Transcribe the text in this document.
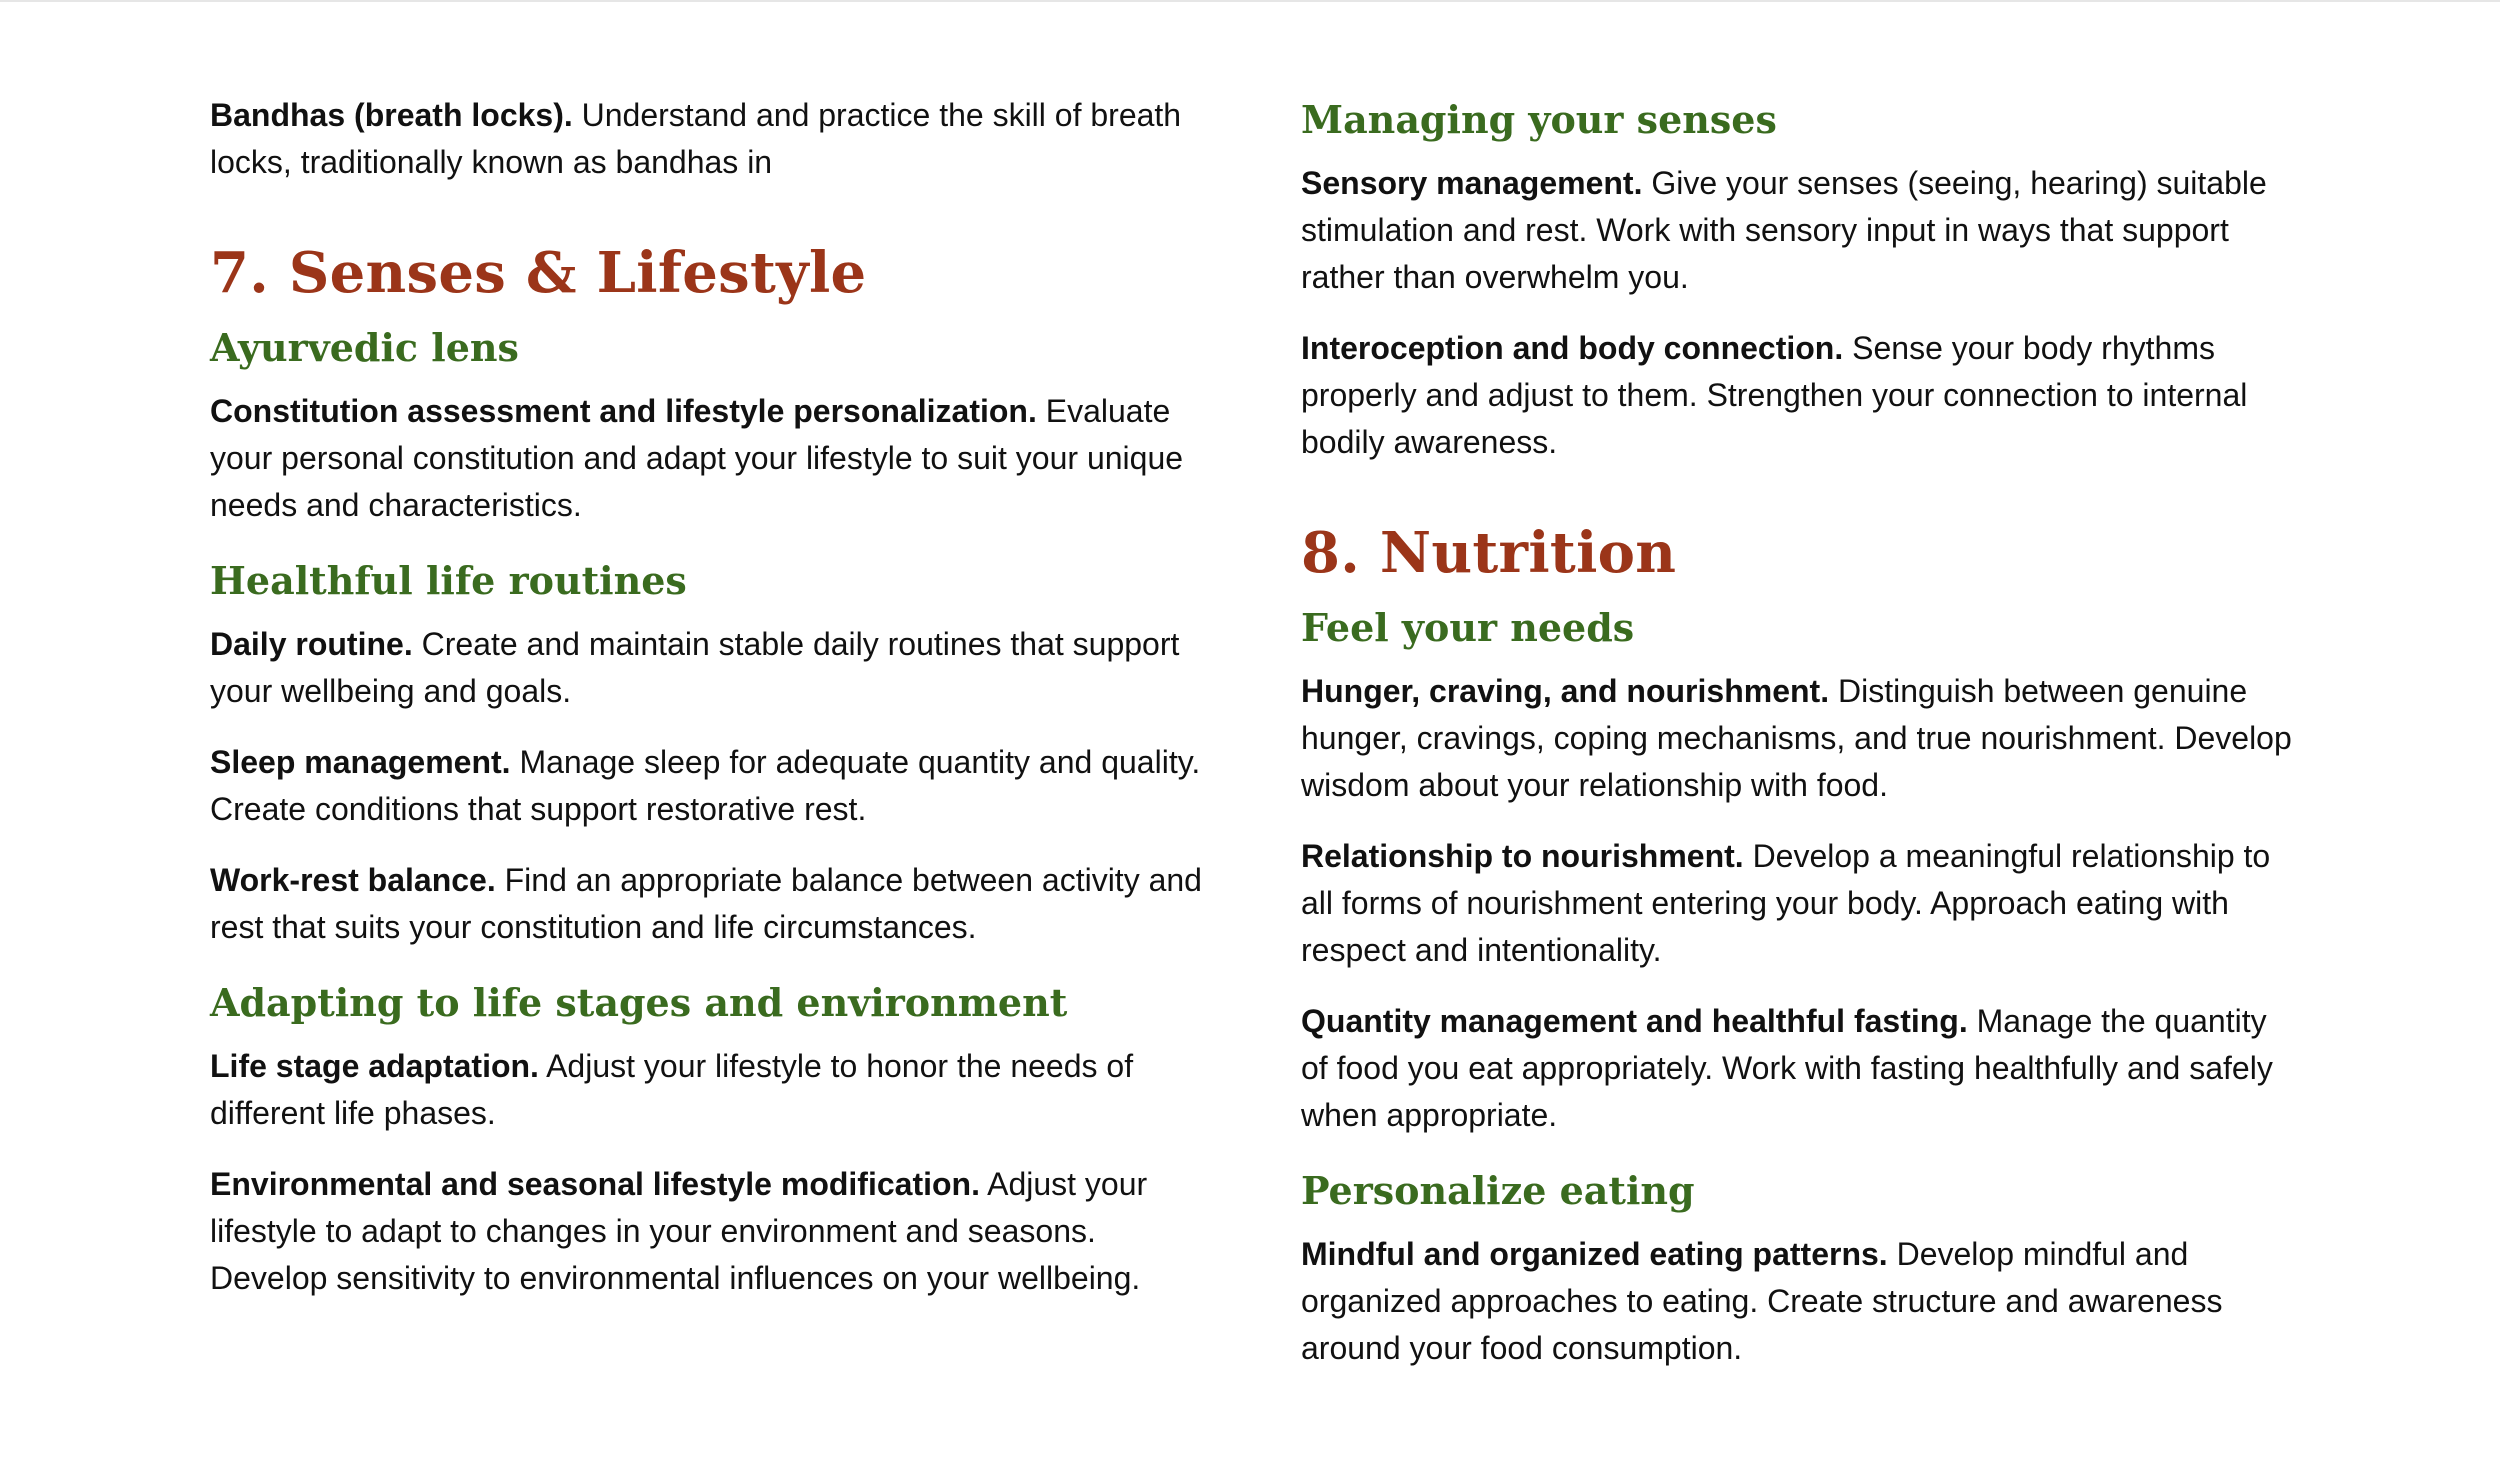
Bandhas (breath locks). Understand and practice the skill of breath locks, traditionally known as bandhas in

7. Senses & Lifestyle
Ayurvedic lens

Constitution assessment and lifestyle personalization. Evaluate your personal constitution and adapt your lifestyle to suit your unique needs and characteristics.

Healthful life routines

Daily routine. Create and maintain stable daily routines that support your wellbeing and goals.

Sleep management. Manage sleep for adequate quantity and quality. Create conditions that support restorative rest.

Work-rest balance. Find an appropriate balance between activity and rest that suits your constitution and life circumstances.

Adapting to life stages and environment

Life stage adaptation. Adjust your lifestyle to honor the needs of different life phases.

Environmental and seasonal lifestyle modification. Adjust your lifestyle to adapt to changes in your environment and seasons. Develop sensitivity to environmental influences on your wellbeing.

Managing your senses

Sensory management. Give your senses (seeing, hearing) suitable stimulation and rest. Work with sensory input in ways that support rather than overwhelm you.

Interoception and body connection. Sense your body rhythms properly and adjust to them. Strengthen your connection to internal bodily awareness.

8. Nutrition
Feel your needs

Hunger, craving, and nourishment. Distinguish between genuine hunger, cravings, coping mechanisms, and true nourishment. Develop wisdom about your relationship with food.

Relationship to nourishment. Develop a meaningful relationship to all forms of nourishment entering your body. Approach eating with respect and intentionality.

Quantity management and healthful fasting. Manage the quantity of food you eat appropriately. Work with fasting healthfully and safely when appropriate.

Personalize eating

Mindful and organized eating patterns. Develop mindful and organized approaches to eating. Create structure and awareness around your food consumption.
